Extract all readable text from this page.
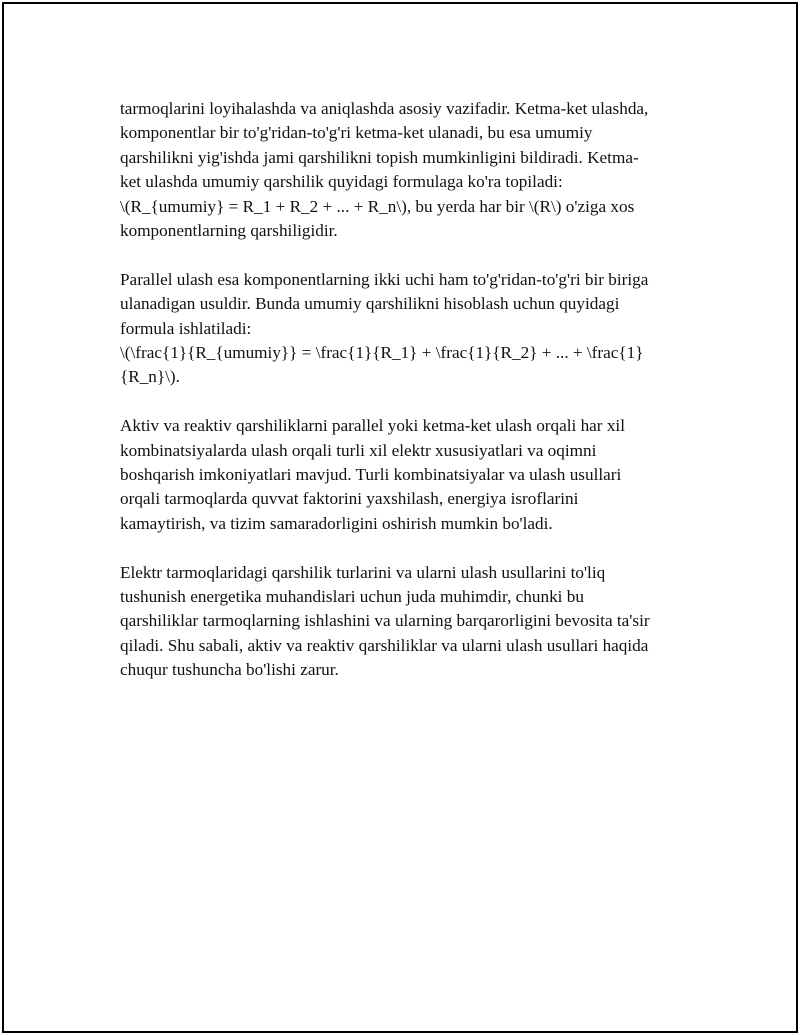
tarmoqlarini loyihalashda va aniqlashda asosiy vazifadir. Ketma-ket ulashda,
komponentlar bir to'g'ridan-to'g'ri ketma-ket ulanadi, bu esa umumiy
qarshilikni yig'ishda jami qarshilikni topish mumkinligini bildiradi. Ketma-
ket ulashda umumiy qarshilik quyidagi formulaga ko'ra topiladi:
\(R_{umumiy} = R_1 + R_2 + ... + R_n\), bu yerda har bir \(R\) o'ziga xos
komponentlarning qarshiligidir.

Parallel ulash esa komponentlarning ikki uchi ham to'g'ridan-to'g'ri bir biriga
ulanadigan usuldir. Bunda umumiy qarshilikni hisoblash uchun quyidagi
formula ishlatiladi:
\(\frac{1}{R_{umumiy}} = \frac{1}{R_1} + \frac{1}{R_2} + ... + \frac{1}
{R_n}\).

Aktiv va reaktiv qarshiliklarni parallel yoki ketma-ket ulash orqali har xil
kombinatsiyalarda ulash orqali turli xil elektr xususiyatlari va oqimni
boshqarish imkoniyatlari mavjud. Turli kombinatsiyalar va ulash usullari
orqali tarmoqlarda quvvat faktorini yaxshilash, energiya isroflarini
kamaytirish, va tizim samaradorligini oshirish mumkin bo'ladi.

Elektr tarmoqlaridagi qarshilik turlarini va ularni ulash usullarini to'liq
tushunish energetika muhandislari uchun juda muhimdir, chunki bu
qarshiliklar tarmoqlarning ishlashini va ularning barqarorligini bevosita ta'sir
qiladi. Shu sabali, aktiv va reaktiv qarshiliklar va ularni ulash usullari haqida
chuqur tushuncha bo'lishi zarur.
